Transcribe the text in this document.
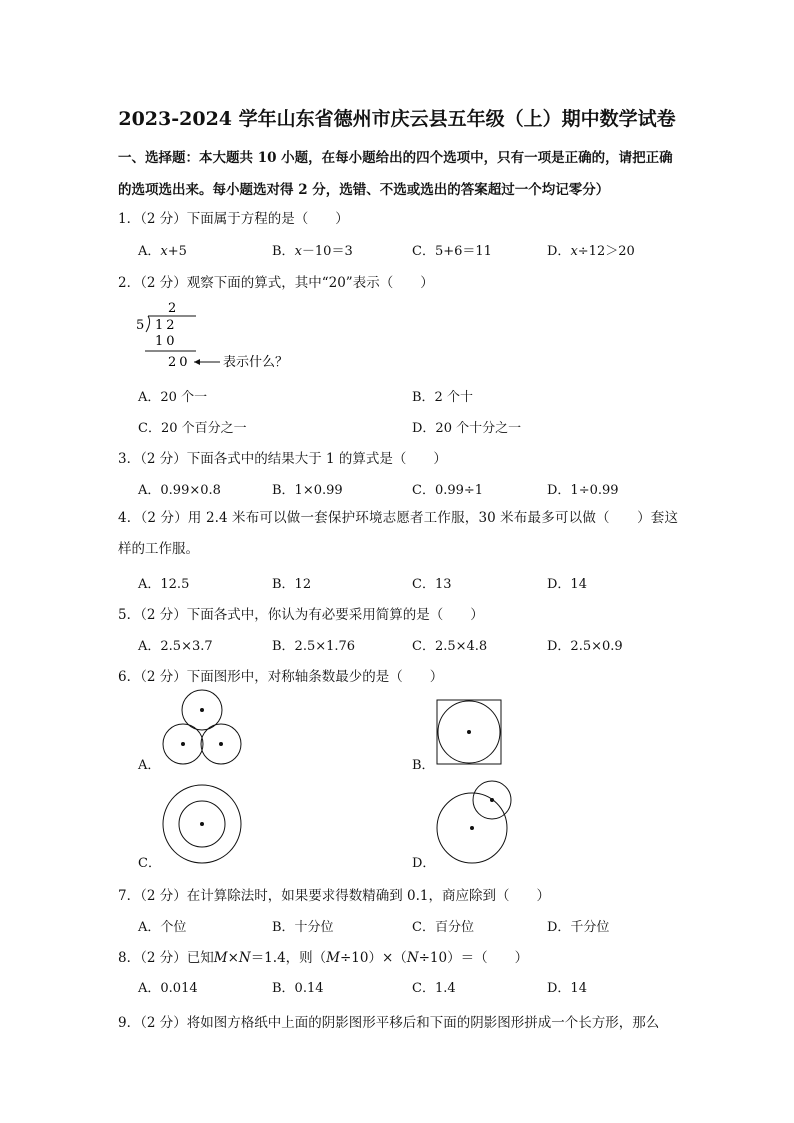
2023-2024 学年山东省德州市庆云县五年级（上）期中数学试卷
一、选择题：本大题共 10 小题，在每小题给出的四个选项中，只有一项是正确的，请把正确的选项选出来。每小题选对得 2 分，选错、不选或选出的答案超过一个均记零分）
1．（2 分）下面属于方程的是（　　）
A．x+5	B．x－10＝3	C．5+6＝11	D．x÷12＞20
2．（2 分）观察下面的算式，其中“20”表示（　　）
2
5 12
10
20 表示什么？
A．20 个一	B．2 个十
C．20 个百分之一	D．20 个十分之一
3．（2 分）下面各式中的结果大于 1 的算式是（　　）
A．0.99×0.8	B．1×0.99	C．0.99÷1	D．1÷0.99
4．（2 分）用 2.4 米布可以做一套保护环境志愿者工作服，30 米布最多可以做（　　）套这样的工作服。
A．12.5	B．12	C．13	D．14
5．（2 分）下面各式中，你认为有必要采用简算的是（　　）
A．2.5×3.7	B．2.5×1.76	C．2.5×4.8	D．2.5×0.9
6．（2 分）下面图形中，对称轴条数最少的是（　　）
A．	B．
C．	D．
7．（2 分）在计算除法时，如果要求得数精确到 0.1，商应除到（　　）
A．个位	B．十分位	C．百分位	D．千分位
8．（2 分）已知M×N＝1.4，则（M÷10）×（N÷10）＝（　　）
A．0.014	B．0.14	C．1.4	D．14
9．（2 分）将如图方格纸中上面的阴影图形平移后和下面的阴影图形拼成一个长方形，那么
